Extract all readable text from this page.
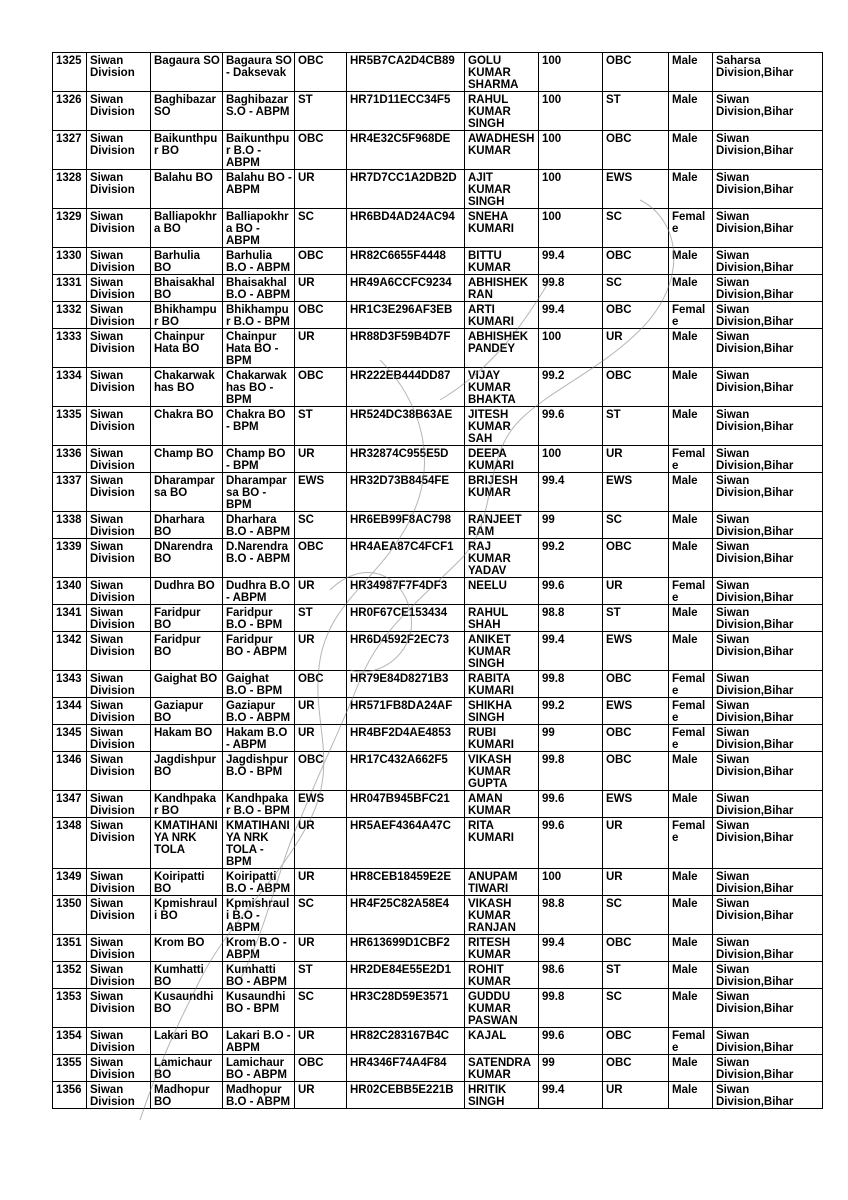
1325	Siwan Division	Bagaura SO	Bagaura SO - Daksevak	OBC	HR5B7CA2D4CB89	GOLU KUMAR SHARMA	100	OBC	Male	Saharsa Division,Bihar
1326	Siwan Division	Baghibazar SO	Baghibazar S.O - ABPM	ST	HR71D11ECC34F5	RAHUL KUMAR SINGH	100	ST	Male	Siwan Division,Bihar
1327	Siwan Division	Baikunthpur BO	Baikunthpur B.O - ABPM	OBC	HR4E32C5F968DE	AWADHESH KUMAR	100	OBC	Male	Siwan Division,Bihar
1328	Siwan Division	Balahu BO	Balahu BO - ABPM	UR	HR7D7CC1A2DB2D	AJIT KUMAR SINGH	100	EWS	Male	Siwan Division,Bihar
1329	Siwan Division	Balliapokhra BO	Balliapokhra BO - ABPM	SC	HR6BD4AD24AC94	SNEHA KUMARI	100	SC	Female	Siwan Division,Bihar
1330	Siwan Division	Barhulia BO	Barhulia B.O - ABPM	OBC	HR82C6655F4448	BITTU KUMAR	99.4	OBC	Male	Siwan Division,Bihar
1331	Siwan Division	Bhaisakhal BO	Bhaisakhal B.O - ABPM	UR	HR49A6CCFC9234	ABHISHEK RAN	99.8	SC	Male	Siwan Division,Bihar
1332	Siwan Division	Bhikhampur BO	Bhikhampur B.O - BPM	OBC	HR1C3E296AF3EB	ARTI KUMARI	99.4	OBC	Female	Siwan Division,Bihar
1333	Siwan Division	Chainpur Hata BO	Chainpur Hata BO - BPM	UR	HR88D3F59B4D7F	ABHISHEK PANDEY	100	UR	Male	Siwan Division,Bihar
1334	Siwan Division	Chakarwakhas BO	Chakarwakhas BO - BPM	OBC	HR222EB444DD87	VIJAY KUMAR BHAKTA	99.2	OBC	Male	Siwan Division,Bihar
1335	Siwan Division	Chakra BO	Chakra BO - BPM	ST	HR524DC38B63AE	JITESH KUMAR SAH	99.6	ST	Male	Siwan Division,Bihar
1336	Siwan Division	Champ BO	Champ BO - BPM	UR	HR32874C955E5D	DEEPA KUMARI	100	UR	Female	Siwan Division,Bihar
1337	Siwan Division	Dharamparsa BO	Dharamparsa BO - BPM	EWS	HR32D73B8454FE	BRIJESH KUMAR	99.4	EWS	Male	Siwan Division,Bihar
1338	Siwan Division	Dharhara BO	Dharhara B.O - ABPM	SC	HR6EB99F8AC798	RANJEET RAM	99	SC	Male	Siwan Division,Bihar
1339	Siwan Division	DNarendra BO	D.Narendra B.O - ABPM	OBC	HR4AEA87C4FCF1	RAJ KUMAR YADAV	99.2	OBC	Male	Siwan Division,Bihar
1340	Siwan Division	Dudhra BO	Dudhra B.O - ABPM	UR	HR34987F7F4DF3	NEELU	99.6	UR	Female	Siwan Division,Bihar
1341	Siwan Division	Faridpur BO	Faridpur B.O - BPM	ST	HR0F67CE153434	RAHUL SHAH	98.8	ST	Male	Siwan Division,Bihar
1342	Siwan Division	Faridpur BO	Faridpur BO - ABPM	UR	HR6D4592F2EC73	ANIKET KUMAR SINGH	99.4	EWS	Male	Siwan Division,Bihar
1343	Siwan Division	Gaighat BO	Gaighat B.O - BPM	OBC	HR79E84D8271B3	RABITA KUMARI	99.8	OBC	Female	Siwan Division,Bihar
1344	Siwan Division	Gaziapur BO	Gaziapur B.O - ABPM	UR	HR571FB8DA24AF	SHIKHA SINGH	99.2	EWS	Female	Siwan Division,Bihar
1345	Siwan Division	Hakam BO	Hakam B.O - ABPM	UR	HR4BF2D4AE4853	RUBI KUMARI	99	OBC	Female	Siwan Division,Bihar
1346	Siwan Division	Jagdishpur BO	Jagdishpur B.O - BPM	OBC	HR17C432A662F5	VIKASH KUMAR GUPTA	99.8	OBC	Male	Siwan Division,Bihar
1347	Siwan Division	Kandhpakar BO	Kandhpakar B.O - BPM	EWS	HR047B945BFC21	AMAN KUMAR	99.6	EWS	Male	Siwan Division,Bihar
1348	Siwan Division	KMATIHANIYA NRK TOLA	KMATIHANIYA NRK TOLA - BPM	UR	HR5AEF4364A47C	RITA KUMARI	99.6	UR	Female	Siwan Division,Bihar
1349	Siwan Division	Koiripatti BO	Koiripatti B.O - ABPM	UR	HR8CEB18459E2E	ANUPAM TIWARI	100	UR	Male	Siwan Division,Bihar
1350	Siwan Division	Kpmishrauli BO	Kpmishrauli B.O - ABPM	SC	HR4F25C82A58E4	VIKASH KUMAR RANJAN	98.8	SC	Male	Siwan Division,Bihar
1351	Siwan Division	Krom BO	Krom B.O - ABPM	UR	HR613699D1CBF2	RITESH KUMAR	99.4	OBC	Male	Siwan Division,Bihar
1352	Siwan Division	Kumhatti BO	Kumhatti BO - ABPM	ST	HR2DE84E55E2D1	ROHIT KUMAR	98.6	ST	Male	Siwan Division,Bihar
1353	Siwan Division	Kusaundhi BO	Kusaundhi BO - BPM	SC	HR3C28D59E3571	GUDDU KUMAR PASWAN	99.8	SC	Male	Siwan Division,Bihar
1354	Siwan Division	Lakari BO	Lakari B.O - ABPM	UR	HR82C283167B4C	KAJAL	99.6	OBC	Female	Siwan Division,Bihar
1355	Siwan Division	Lamichaur BO	Lamichaur BO - ABPM	OBC	HR4346F74A4F84	SATENDRA KUMAR	99	OBC	Male	Siwan Division,Bihar
1356	Siwan Division	Madhopur BO	Madhopur B.O - ABPM	UR	HR02CEBB5E221B	HRITIK SINGH	99.4	UR	Male	Siwan Division,Bihar
